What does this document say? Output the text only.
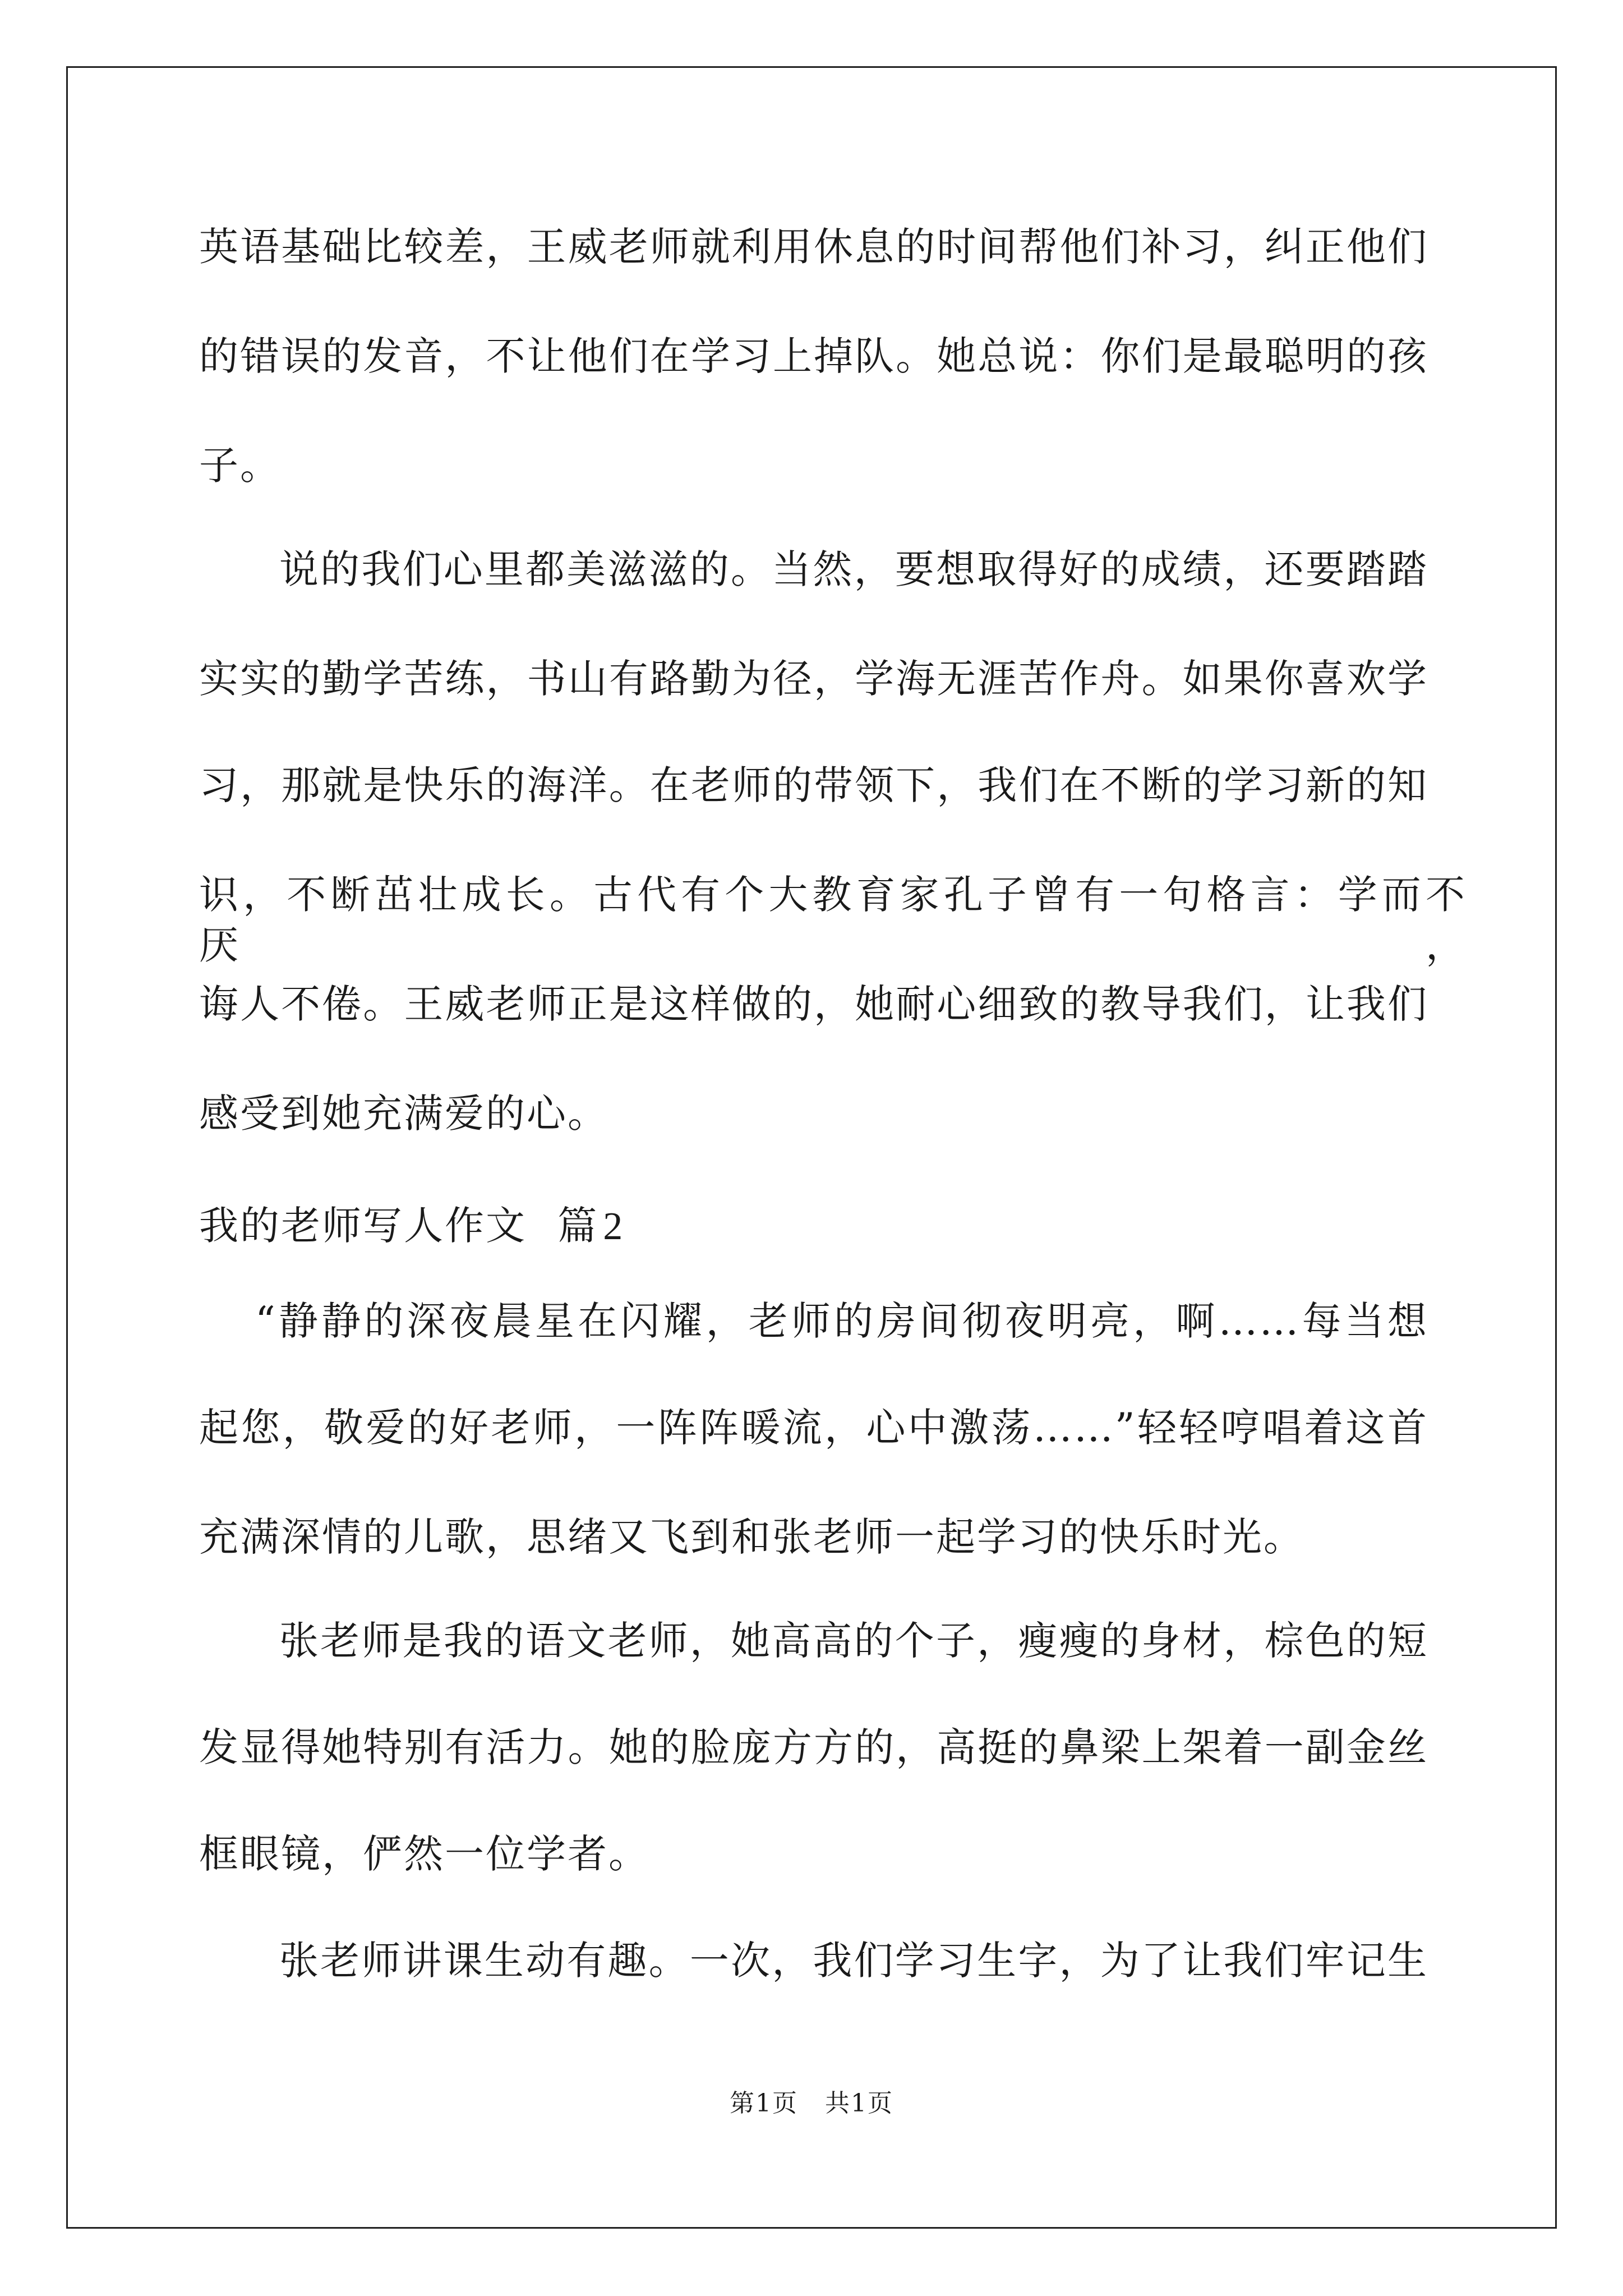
英语基础比较差，王威老师就利用休息的时间帮他们补习，纠正他们
的错误的发音，不让他们在学习上掉队。她总说：你们是最聪明的孩
子。
说的我们心里都美滋滋的。当然，要想取得好的成绩，还要踏踏
实实的勤学苦练，书山有路勤为径，学海无涯苦作舟。如果你喜欢学
习，那就是快乐的海洋。在老师的带领下，我们在不断的学习新的知
识，不断茁壮成长。古代有个大教育家孔子曾有一句格言：学而不厌，
诲人不倦。王威老师正是这样做的，她耐心细致的教导我们，让我们
感受到她充满爱的心。
我的老师写人作文 篇 2
“静静的深夜晨星在闪耀，老师的房间彻夜明亮，啊……每当想
起您，敬爱的好老师，一阵阵暖流，心中激荡……”轻轻哼唱着这首
充满深情的儿歌，思绪又飞到和张老师一起学习的快乐时光。
张老师是我的语文老师，她高高的个子，瘦瘦的身材，棕色的短
发显得她特别有活力。她的脸庞方方的，高挺的鼻梁上架着一副金丝
框眼镜，俨然一位学者。
张老师讲课生动有趣。一次，我们学习生字，为了让我们牢记生
第1页 共1页
